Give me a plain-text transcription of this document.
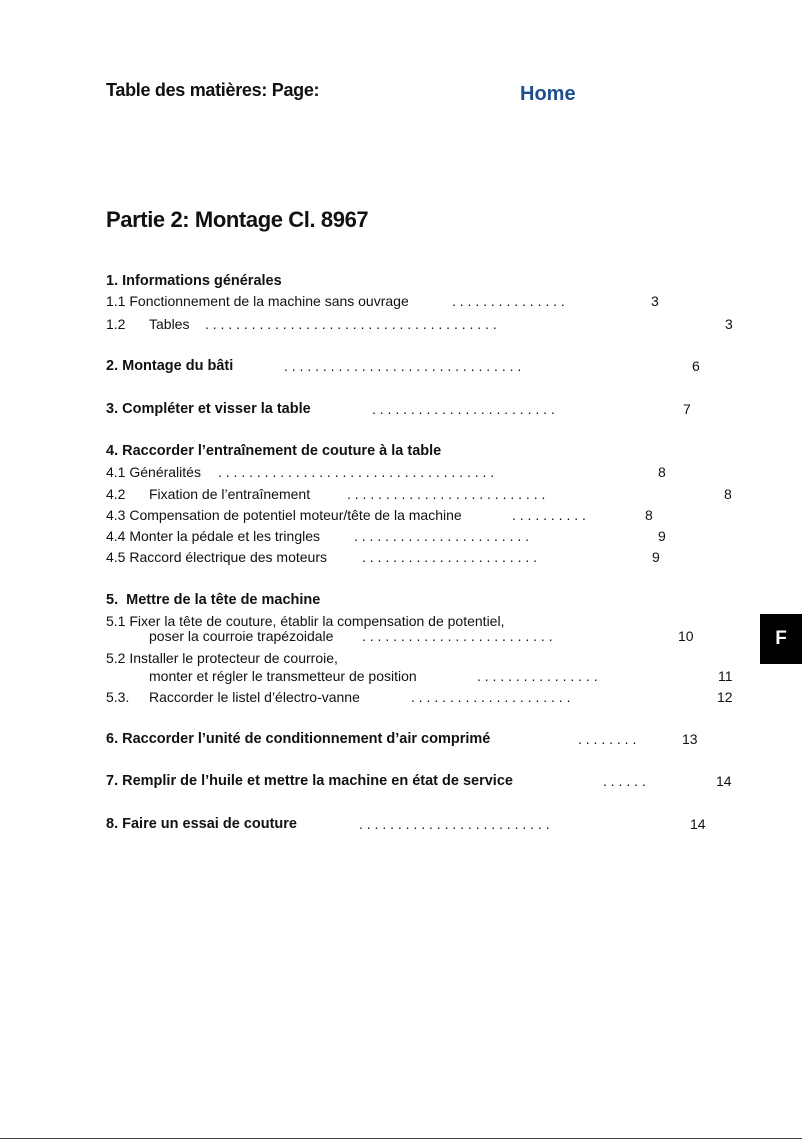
Table des matières: Page:	Home
Partie 2: Montage Cl. 8967
1. Informations générales
1.1 Fonctionnement de la machine sans ouvrage	. . . . . . . . . . . . . . .	3
1.2 Tables . . . . . . . . . . . . . . . . . . . . . . . . . . . . . . . . . . . . . .	3
2. Montage du bâti	. . . . . . . . . . . . . . . . . . . . . . . . . . . . . . .	6
3. Compléter et visser la table	. . . . . . . . . . . . . . . . . . . . . . . .	7
4. Raccorder l’entraînement de couture à la table
4.1 Généralités . . . . . . . . . . . . . . . . . . . . . . . . . . . . . . . . . . . .	8
4.2 Fixation de l’entraînement	. . . . . . . . . . . . . . . . . . . . . . . . . .	8
4.3 Compensation de potentiel moteur/tête de la machine	. . . . . . . . . .	8
4.4 Monter la pédale et les tringles . . . . . . . . . . . . . . . . . . . . . . .	9
4.5 Raccord électrique des moteurs	. . . . . . . . . . . . . . . . . . . . . . .	9
5.  Mettre de la tête de machine
5.1 Fixer la tête de couture, établir la compensation de potentiel,
poser la courroie trapézoidale . . . . . . . . . . . . . . . . . . . . . . . . .	10
5.2 Installer le protecteur de courroie,
monter et régler le transmetteur de position	. . . . . . . . . . . . . . . .	11
5.3. Raccorder le listel d’électro-vanne	. . . . . . . . . . . . . . . . . . . . .	12
6. Raccorder l’unité de conditionnement d’air comprimé	. . . . . . . .	13
7. Remplir de l’huile et mettre la machine en état de service	. . . . . .	14
8. Faire un essai de couture	. . . . . . . . . . . . . . . . . . . . . . . . .	14
F
